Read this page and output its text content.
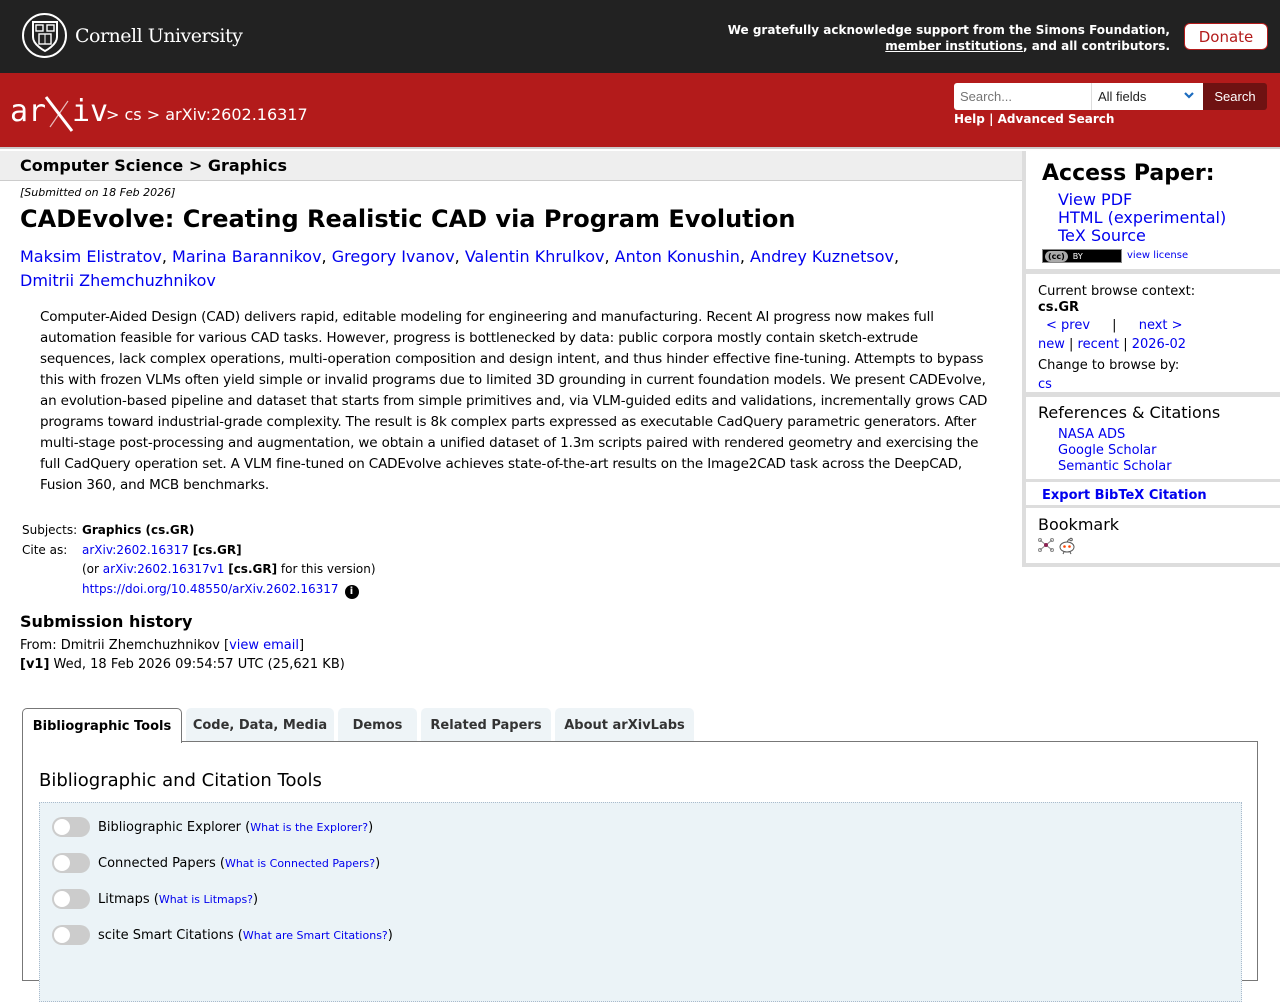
Cornell University	We gratefully acknowledge support from the Simons Foundation,
member institutions, and all contributors.
Donate
ar iv
> cs > arXiv:2602.16317
Search...
All fields	Search
Help | Advanced Search
Computer Science > Graphics
[Submitted on 18 Feb 2026]
CADEvolve: Creating Realistic CAD via Program Evolution
Maksim Elistratov, Marina Barannikov, Gregory Ivanov, Valentin Khrulkov, Anton Konushin, Andrey Kuznetsov, Dmitrii Zhemchuzhnikov
Computer-Aided Design (CAD) delivers rapid, editable modeling for engineering and manufacturing. Recent AI progress now makes full automation feasible for various CAD tasks. However, progress is bottlenecked by data: public corpora mostly contain sketch-extrude sequences, lack complex operations, multi-operation composition and design intent, and thus hinder effective fine-tuning. Attempts to bypass this with frozen VLMs often yield simple or invalid programs due to limited 3D grounding in current foundation models. We present CADEvolve, an evolution-based pipeline and dataset that starts from simple primitives and, via VLM-guided edits and validations, incrementally grows CAD programs toward industrial-grade complexity. The result is 8k complex parts expressed as executable CadQuery parametric generators. After multi-stage post-processing and augmentation, we obtain a unified dataset of 1.3m scripts paired with rendered geometry and exercising the full CadQuery operation set. A VLM fine-tuned on CADEvolve achieves state-of-the-art results on the Image2CAD task across the DeepCAD, Fusion 360, and MCB benchmarks.
Subjects: Graphics (cs.GR)
Cite as:	arXiv:2602.16317 [cs.GR]
(or arXiv:2602.16317v1 [cs.GR] for this version)
https://doi.org/10.48550/arXiv.2602.16317 i
Submission history
From: Dmitrii Zhemchuzhnikov [view email]
[v1] Wed, 18 Feb 2026 09:54:57 UTC (25,621 KB)
Access Paper:
View PDF
HTML (experimental)
TeX Source
(cc)	BY	view license
Current browse context:
cs.GR
< prev | next >
new | recent | 2026-02
Change to browse by:
cs
References & Citations
NASA ADS
Google Scholar
Semantic Scholar
Export BibTeX Citation
Bookmark
Bibliographic Tools	Code, Data, Media	Demos	Related Papers	About arXivLabs
Bibliographic and Citation Tools
Bibliographic Explorer ( What is the Explorer? )
Connected Papers ( What is Connected Papers? )
Litmaps ( What is Litmaps? )
scite Smart Citations ( What are Smart Citations? )
